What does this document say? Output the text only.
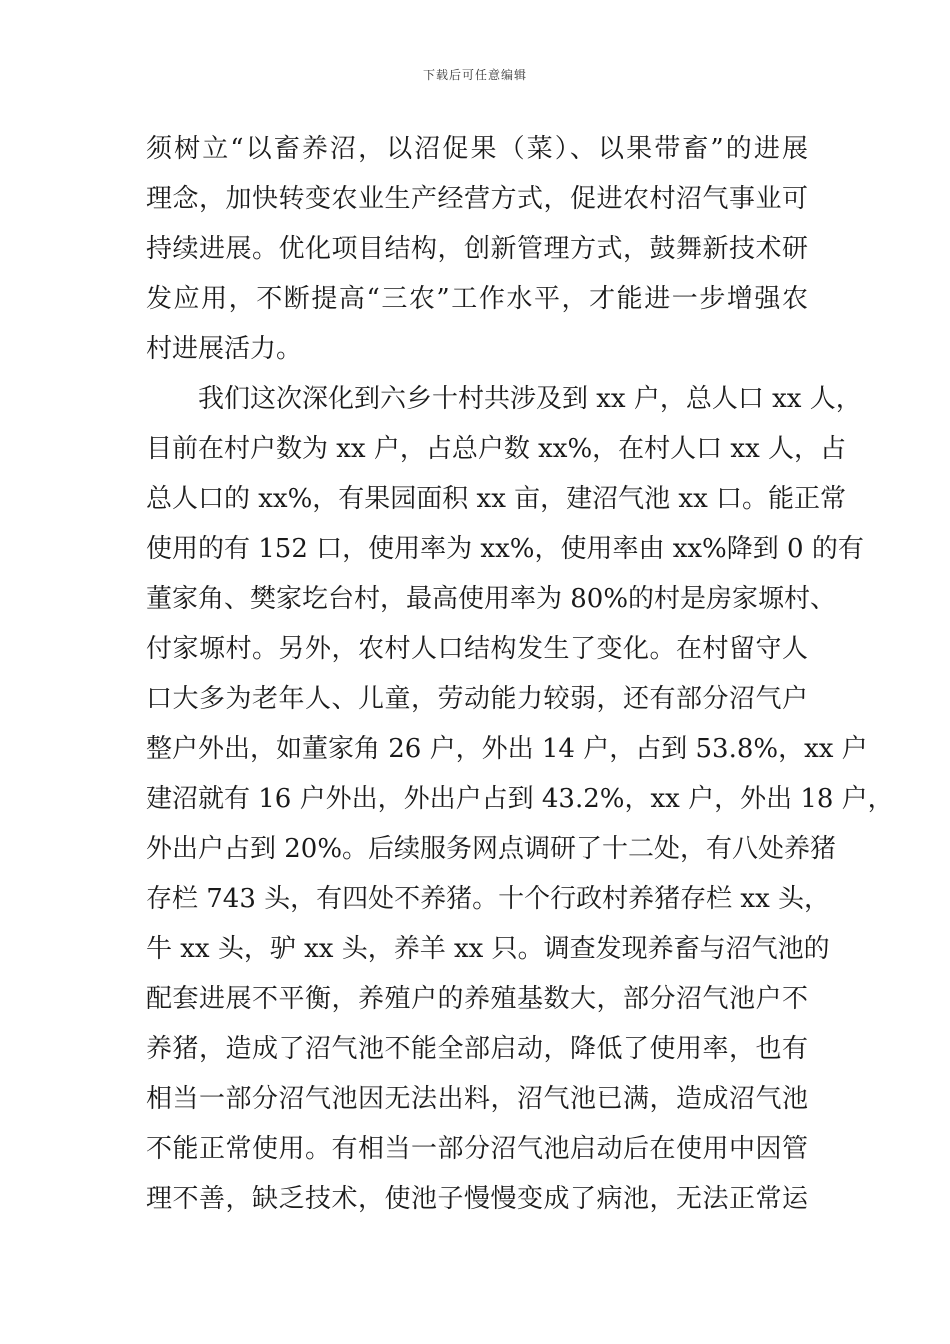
下载后可任意编辑
须树立“以畜养沼，以沼促果（菜）、以果带畜”的进展
理念，加快转变农业生产经营方式，促进农村沼气事业可
持续进展。优化项目结构，创新管理方式，鼓舞新技术研
发应用，不断提高“三农”工作水平，才能进一步增强农
村进展活力。
我们这次深化到六乡十村共涉及到 xx 户，总人口 xx 人，
目前在村户数为 xx 户，占总户数 xx%，在村人口 xx 人，占
总人口的 xx%，有果园面积 xx 亩，建沼气池 xx 口。能正常
使用的有 152 口，使用率为 xx%，使用率由 xx%降到 0 的有
董家角、樊家圪台村，最高使用率为 80%的村是房家塬村、
付家塬村。另外，农村人口结构发生了变化。在村留守人
口大多为老年人、儿童，劳动能力较弱，还有部分沼气户
整户外出，如董家角 26 户，外出 14 户，占到 53.8%，xx 户
建沼就有 16 户外出，外出户占到 43.2%，xx 户，外出 18 户，
外出户占到 20%。后续服务网点调研了十二处，有八处养猪
存栏 743 头，有四处不养猪。十个行政村养猪存栏 xx 头，
牛 xx 头，驴 xx 头，养羊 xx 只。调查发现养畜与沼气池的
配套进展不平衡，养殖户的养殖基数大，部分沼气池户不
养猪，造成了沼气池不能全部启动，降低了使用率，也有
相当一部分沼气池因无法出料，沼气池已满，造成沼气池
不能正常使用。有相当一部分沼气池启动后在使用中因管
理不善，缺乏技术，使池子慢慢变成了病池，无法正常运
